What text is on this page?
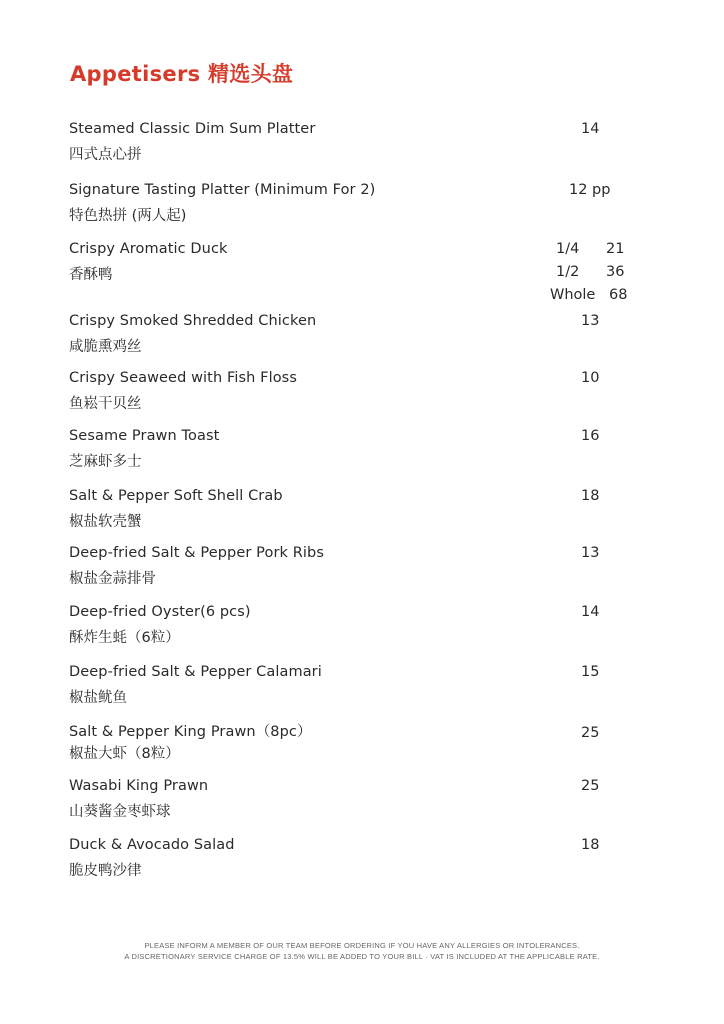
Appetisers 精选头盘
Steamed Classic Dim Sum Platter
四式点心拼
14
Signature Tasting Platter (Minimum For 2)
特色热拼 (两人起)
12 pp
Crispy Aromatic Duck
香酥鸭
1/4 21
1/2 36
Whole 68
Crispy Smoked Shredded Chicken
咸脆熏鸡丝
13
Crispy Seaweed with Fish Floss
鱼崧干贝丝
10
Sesame Prawn Toast
芝麻虾多士
16
Salt & Pepper Soft Shell Crab
椒盐软壳蟹
18
Deep-fried Salt & Pepper Pork Ribs
椒盐金蒜排骨
13
Deep-fried Oyster(6 pcs)
酥炸生蚝（6粒）
14
Deep-fried Salt & Pepper Calamari
椒盐鱿鱼
15
Salt & Pepper King Prawn（8pc）
椒盐大虾（8粒）
25
Wasabi King Prawn
山葵酱金枣虾球
25
Duck & Avocado Salad
脆皮鸭沙律
18
PLEASE INFORM A MEMBER OF OUR TEAM BEFORE ORDERING IF YOU HAVE ANY ALLERGIES OR INTOLERANCES.
A DISCRETIONARY SERVICE CHARGE OF 13.5% WILL BE ADDED TO YOUR BILL · VAT IS INCLUDED AT THE APPLICABLE RATE.
